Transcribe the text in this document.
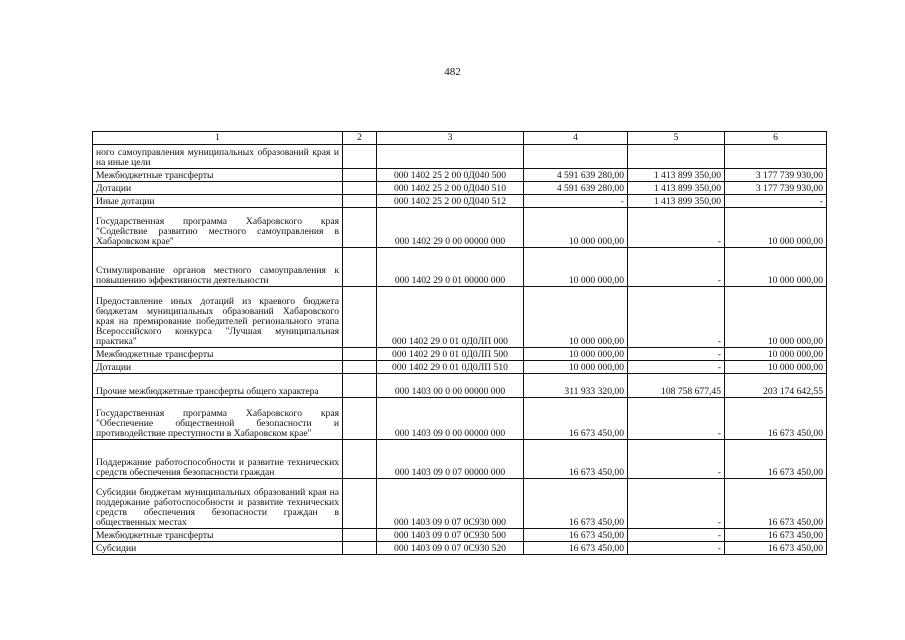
482
1	2	3	4	5	6
ного самоуправления муниципальных образований края и на иные цели					
Межбюджетные трансферты		000 1402 25 2 00 0Д040 500	4 591 639 280,00	1 413 899 350,00	3 177 739 930,00
Дотации		000 1402 25 2 00 0Д040 510	4 591 639 280,00	1 413 899 350,00	3 177 739 930,00
Иные дотации		000 1402 25 2 00 0Д040 512	-	1 413 899 350,00	-
Государственная программа Хабаровского края "Содействие развитию местного самоуправления в Хабаровском крае"		000 1402 29 0 00 00000 000	10 000 000,00	-	10 000 000,00
Стимулирование органов местного самоуправления к повышению эффективности деятельности		000 1402 29 0 01 00000 000	10 000 000,00	-	10 000 000,00
Предоставление иных дотаций из краевого бюджета бюджетам муниципальных образований Хабаровского края на премирование победителей регионального этапа Всероссийского конкурса "Лучшая муниципальная практика"		000 1402 29 0 01 0Д0ЛП 000	10 000 000,00	-	10 000 000,00
Межбюджетные трансферты		000 1402 29 0 01 0Д0ЛП 500	10 000 000,00	-	10 000 000,00
Дотации		000 1402 29 0 01 0Д0ЛП 510	10 000 000,00	-	10 000 000,00
Прочие межбюджетные трансферты общего характера		000 1403 00 0 00 00000 000	311 933 320,00	108 758 677,45	203 174 642,55
Государственная программа Хабаровского края "Обеспечение общественной безопасности и противодействие преступности в Хабаровском крае"		000 1403 09 0 00 00000 000	16 673 450,00	-	16 673 450,00
Поддержание работоспособности и развитие технических средств обеспечения безопасности граждан		000 1403 09 0 07 00000 000	16 673 450,00	-	16 673 450,00
Субсидии бюджетам муниципальных образований края на поддержание работоспособности и развитие технических средств обеспечения безопасности граждан в общественных местах		000 1403 09 0 07 0С930 000	16 673 450,00	-	16 673 450,00
Межбюджетные трансферты		000 1403 09 0 07 0С930 500	16 673 450,00	-	16 673 450,00
Субсидии		000 1403 09 0 07 0С930 520	16 673 450,00	-	16 673 450,00
